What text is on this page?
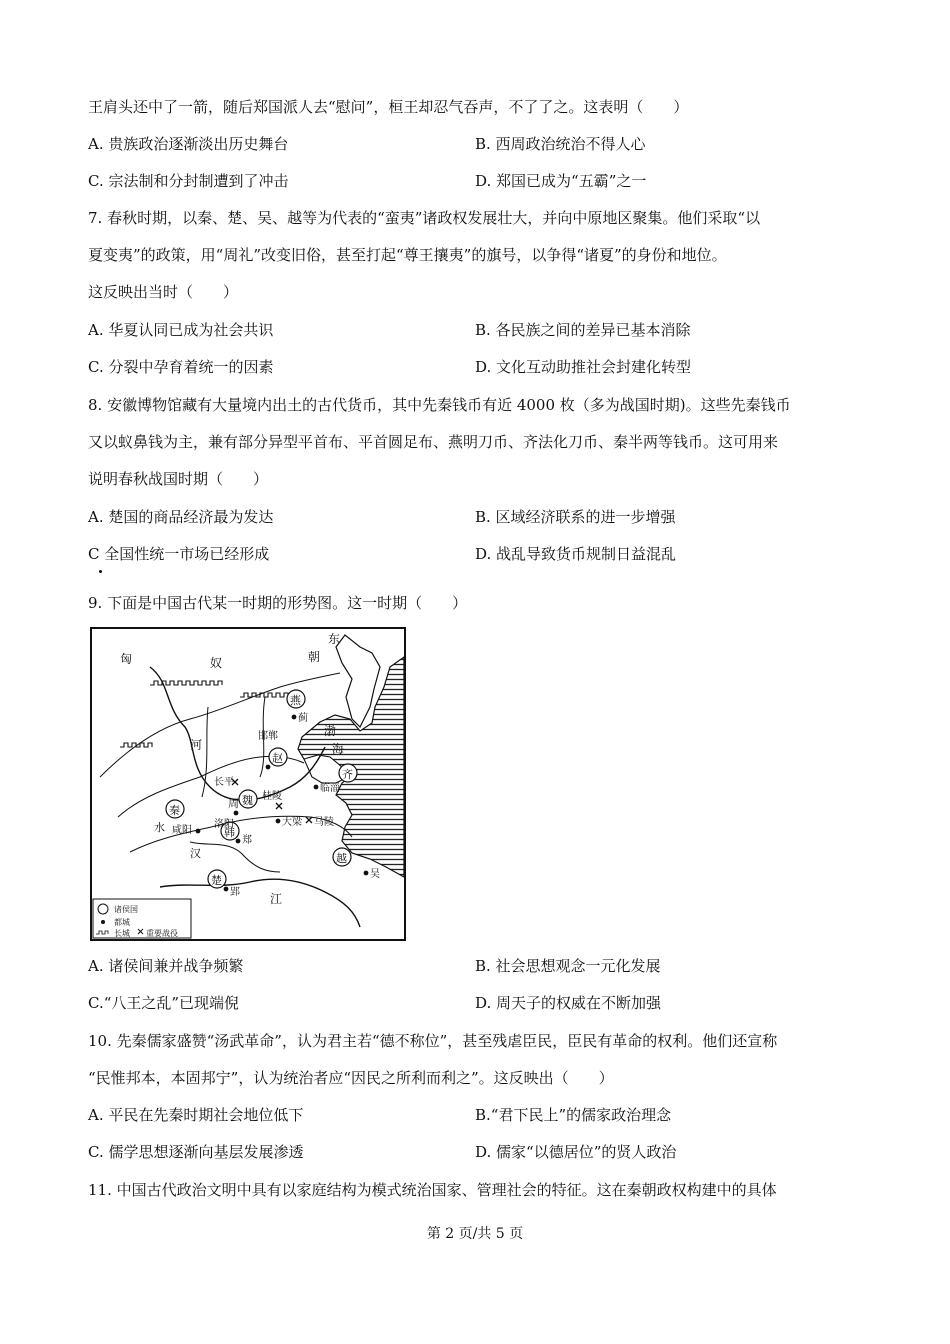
王肩头还中了一箭，随后郑国派人去“慰问”，桓王却忍气吞声，不了了之。这表明（　　）
A. 贵族政治逐渐淡出历史舞台	B. 西周政治统治不得人心
C. 宗法制和分封制遭到了冲击	D. 郑国已成为“五霸”之一
7. 春秋时期，以秦、楚、吴、越等为代表的“蛮夷”诸政权发展壮大，并向中原地区聚集。他们采取“以
夏变夷”的政策，用“周礼”改变旧俗，甚至打起“尊王攘夷”的旗号，以争得“诸夏”的身份和地位。
这反映出当时（　　）
A. 华夏认同已成为社会共识	B. 各民族之间的差异已基本消除
C. 分裂中孕育着统一的因素	D. 文化互动助推社会封建化转型
8. 安徽博物馆藏有大量境内出土的古代货币，其中先秦钱币有近 4000 枚（多为战国时期)。这些先秦钱币
又以蚁鼻钱为主，兼有部分异型平首布、平首圆足布、燕明刀币、齐法化刀币、秦半两等钱币。这可用来
说明春秋战国时期（　　）
A. 楚国的商品经济最为发达	B. 区域经济联系的进一步增强
C 全国性统一市场已经形成	D. 战乱导致货币规制日益混乱
9. 下面是中国古代某一时期的形势图。这一时期（　　）
东
朝
匈	奴
燕
蓟
渤
海
河
邯郸
赵
长平
齐
临淄
秦
周 魏 桂陵
水 咸阳
洛阳
韩
郑
大梁 马陵
汉	越
吴
楚
郢	江
诸侯国
都城
长城 重要战役
A. 诸侯间兼并战争频繁	B. 社会思想观念一元化发展
C.“八王之乱”已现端倪	D. 周天子的权威在不断加强
10. 先秦儒家盛赞“汤武革命”，认为君主若“德不称位”，甚至残虐臣民，臣民有革命的权利。他们还宣称
“民惟邦本，本固邦宁”，认为统治者应“因民之所利而利之”。这反映出（　　）
A. 平民在先秦时期社会地位低下	B.“君下民上”的儒家政治理念
C. 儒学思想逐渐向基层发展渗透	D. 儒家“以德居位”的贤人政治
11. 中国古代政治文明中具有以家庭结构为模式统治国家、管理社会的特征。这在秦朝政权构建中的具体
第 2 页/共 5 页
